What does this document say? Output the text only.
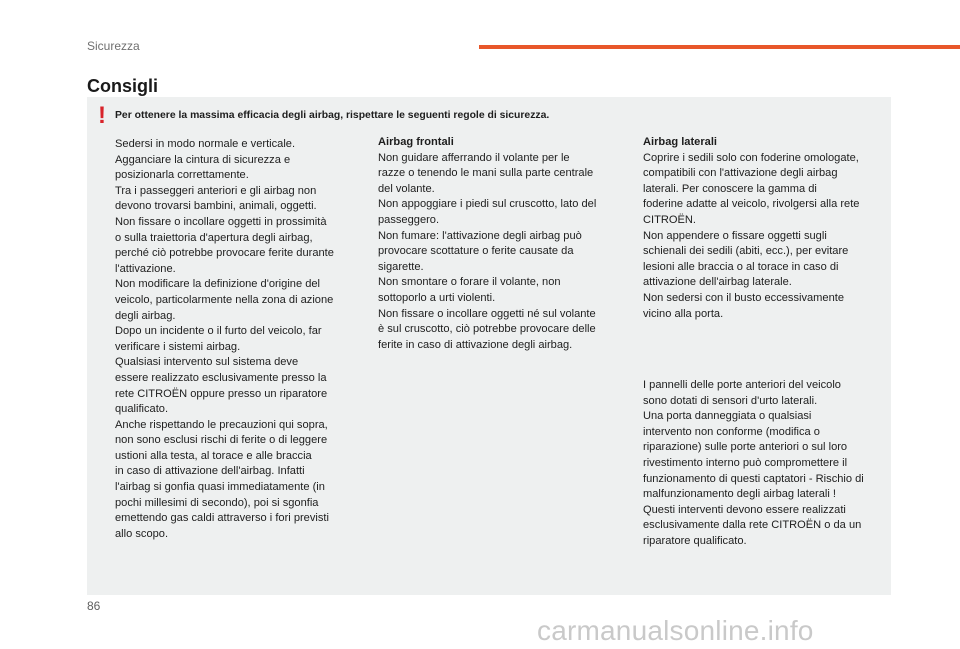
Sicurezza
Consigli
! Per ottenere la massima efficacia degli airbag, rispettare le seguenti regole di sicurezza.

Sedersi in modo normale e verticale.

Agganciare la cintura di sicurezza e

posizionarla correttamente.

Tra i passeggeri anteriori e gli airbag non

devono trovarsi bambini, animali, oggetti.

Non fissare o incollare oggetti in prossimità

o sulla traiettoria d'apertura degli airbag,

perché ciò potrebbe provocare ferite durante

l'attivazione.

Non modificare la definizione d'origine del

veicolo, particolarmente nella zona di azione

degli airbag.

Dopo un incidente o il furto del veicolo, far

verificare i sistemi airbag.

Qualsiasi intervento sul sistema deve

essere realizzato esclusivamente presso la

rete CITROËN oppure presso un riparatore

qualificato.

Anche rispettando le precauzioni qui sopra,

non sono esclusi rischi di ferite o di leggere

ustioni alla testa, al torace e alle braccia

in caso di attivazione dell'airbag. Infatti

l'airbag si gonfia quasi immediatamente (in

pochi millesimi di secondo), poi si sgonfia

emettendo gas caldi attraverso i fori previsti

allo scopo.

Airbag frontali

Non guidare afferrando il volante per le

razze o tenendo le mani sulla parte centrale

del volante.

Non appoggiare i piedi sul cruscotto, lato del

passeggero.

Non fumare: l'attivazione degli airbag può

provocare scottature o ferite causate da

sigarette.

Non smontare o forare il volante, non

sottoporlo a urti violenti.

Non fissare o incollare oggetti né sul volante

è sul cruscotto, ciò potrebbe provocare delle

ferite in caso di attivazione degli airbag.

Airbag laterali

Coprire i sedili solo con foderine omologate,

compatibili con l'attivazione degli airbag

laterali. Per conoscere la gamma di

foderine adatte al veicolo, rivolgersi alla rete

CITROËN.

Non appendere o fissare oggetti sugli

schienali dei sedili (abiti, ecc.), per evitare

lesioni alle braccia o al torace in caso di

attivazione dell'airbag laterale.

Non sedersi con il busto eccessivamente

vicino alla porta.

I pannelli delle porte anteriori del veicolo

sono dotati di sensori d'urto laterali.

Una porta danneggiata o qualsiasi

intervento non conforme (modifica o

riparazione) sulle porte anteriori o sul loro

rivestimento interno può compromettere il

funzionamento di questi captatori - Rischio di

malfunzionamento degli airbag laterali !

Questi interventi devono essere realizzati

esclusivamente dalla rete CITROËN o da un

riparatore qualificato.

86
carmanualsonline.info
